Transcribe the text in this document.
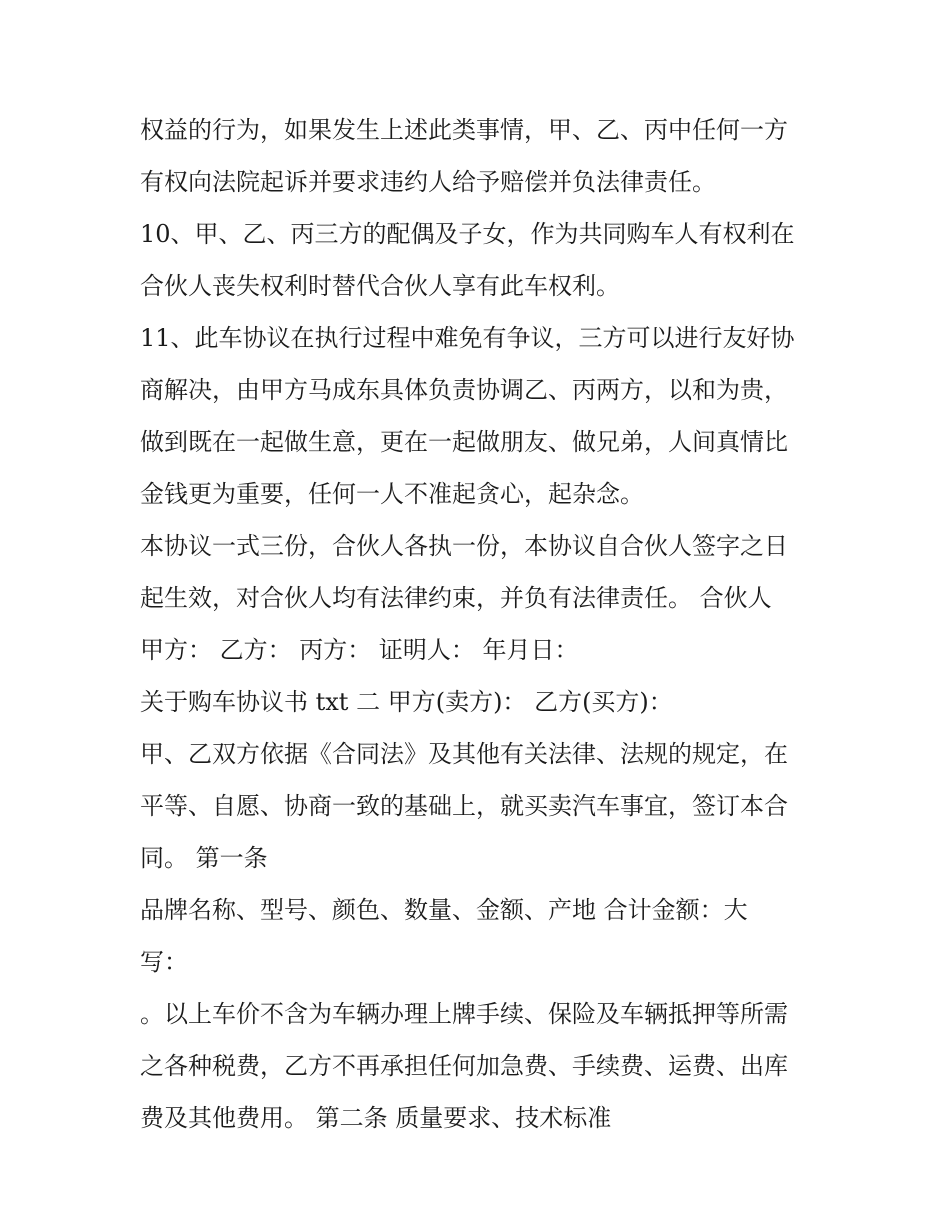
权益的行为，如果发生上述此类事情，甲、乙、丙中任何一方

有权向法院起诉并要求违约人给予赔偿并负法律责任。

10、甲、乙、丙三方的配偶及子女，作为共同购车人有权利在

合伙人丧失权利时替代合伙人享有此车权利。

11、此车协议在执行过程中难免有争议，三方可以进行友好协

商解决，由甲方马成东具体负责协调乙、丙两方，以和为贵，

做到既在一起做生意，更在一起做朋友、做兄弟，人间真情比

金钱更为重要，任何一人不准起贪心，起杂念。

本协议一式三份，合伙人各执一份，本协议自合伙人签字之日

起生效，对合伙人均有法律约束，并负有法律责任。 合伙人

甲方： 乙方： 丙方： 证明人： 年月日：

关于购车协议书 txt 二 甲方(卖方)： 乙方(买方)：

甲、乙双方依据《合同法》及其他有关法律、法规的规定，在

平等、自愿、协商一致的基础上，就买卖汽车事宜，签订本合

同。 第一条

品牌名称、型号、颜色、数量、金额、产地 合计金额：大

写：

。以上车价不含为车辆办理上牌手续、保险及车辆抵押等所需

之各种税费，乙方不再承担任何加急费、手续费、运费、出库

费及其他费用。 第二条 质量要求、技术标准
